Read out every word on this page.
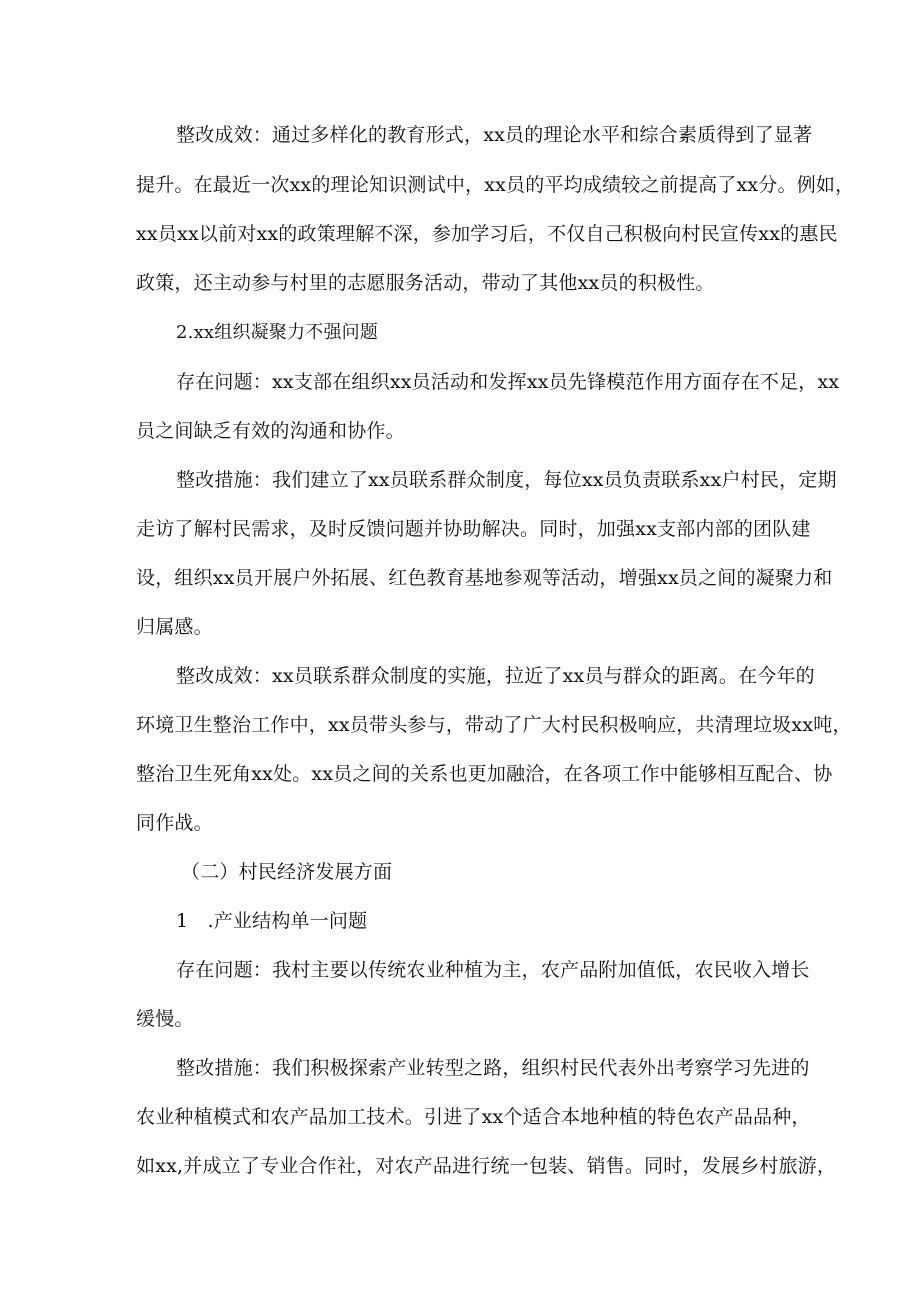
整改成效：通过多样化的教育形式，xx员的理论水平和综合素质得到了显著
提升。在最近一次xx的理论知识测试中，xx员的平均成绩较之前提高了xx分。例如，
xx员xx以前对xx的政策理解不深，参加学习后，不仅自己积极向村民宣传xx的惠民
政策，还主动参与村里的志愿服务活动，带动了其他xx员的积极性。
2.xx组织凝聚力不强问题
存在问题：xx支部在组织xx员活动和发挥xx员先锋模范作用方面存在不足，xx
员之间缺乏有效的沟通和协作。
整改措施：我们建立了xx员联系群众制度，每位xx员负责联系xx户村民，定期
走访了解村民需求，及时反馈问题并协助解决。同时，加强xx支部内部的团队建
设，组织xx员开展户外拓展、红色教育基地参观等活动，增强xx员之间的凝聚力和
归属感。
整改成效：xx员联系群众制度的实施，拉近了xx员与群众的距离。在今年的
环境卫生整治工作中，xx员带头参与，带动了广大村民积极响应，共清理垃圾xx吨，
整治卫生死角xx处。xx员之间的关系也更加融洽，在各项工作中能够相互配合、协
同作战。
（二）村民经济发展方面
1　.产业结构单一问题
存在问题：我村主要以传统农业种植为主，农产品附加值低，农民收入增长
缓慢。
整改措施：我们积极探索产业转型之路，组织村民代表外出考察学习先进的
农业种植模式和农产品加工技术。引进了xx个适合本地种植的特色农产品品种，
如xx,并成立了专业合作社，对农产品进行统一包装、销售。同时，发展乡村旅游，
